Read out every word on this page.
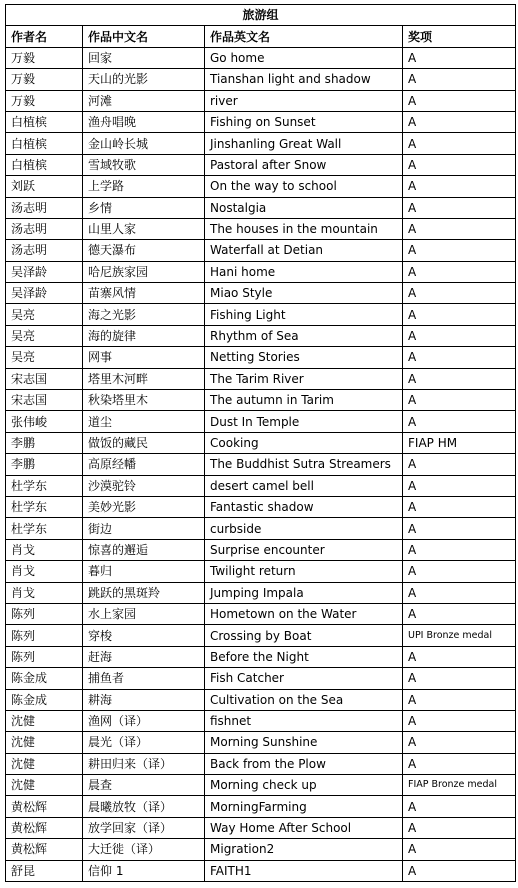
旅游组			
作者名	作品中文名	作品英文名	奖项
万毅	回家	Go home	A
万毅	天山的光影	Tianshan light and shadow	A
万毅	河滩	river	A
白植槟	渔舟唱晚	Fishing on Sunset	A
白植槟	金山岭长城	Jinshanling Great Wall	A
白植槟	雪域牧歌	Pastoral after Snow	A
刘跃	上学路	On the way to school	A
汤志明	乡情	Nostalgia	A
汤志明	山里人家	The houses in the mountain	A
汤志明	德天瀑布	Waterfall at Detian	A
吴泽龄	哈尼族家园	Hani home	A
吴泽龄	苗寨风情	Miao Style	A
吴亮	海之光影	Fishing Light	A
吴亮	海的旋律	Rhythm of Sea	A
吴亮	网事	Netting Stories	A
宋志国	塔里木河畔	The Tarim River	A
宋志国	秋染塔里木	The autumn in Tarim	A
张伟峻	道尘	Dust In Temple	A
李鹏	做饭的藏民	Cooking	FIAP HM
李鹏	高原经幡	The Buddhist Sutra Streamers	A
杜学东	沙漠驼铃	desert camel bell	A
杜学东	美妙光影	Fantastic shadow	A
杜学东	街边	curbside	A
肖戈	惊喜的邂逅	Surprise encounter	A
肖戈	暮归	Twilight return	A
肖戈	跳跃的黑斑羚	Jumping Impala	A
陈列	水上家园	Hometown on the Water	A
陈列	穿梭	Crossing by Boat	UPI Bronze medal
陈列	赶海	Before the Night	A
陈金成	捕鱼者	Fish Catcher	A
陈金成	耕海	Cultivation on the Sea	A
沈健	渔网（译）	fishnet	A
沈健	晨光（译）	Morning Sunshine	A
沈健	耕田归来（译）	Back from the Plow	A
沈健	晨查	Morning check up	FIAP Bronze medal
黄松辉	晨曦放牧（译）	MorningFarming	A
黄松辉	放学回家（译）	Way Home After School	A
黄松辉	大迁徙（译）	Migration2	A
舒昆	信仰 1	FAITH1	A
